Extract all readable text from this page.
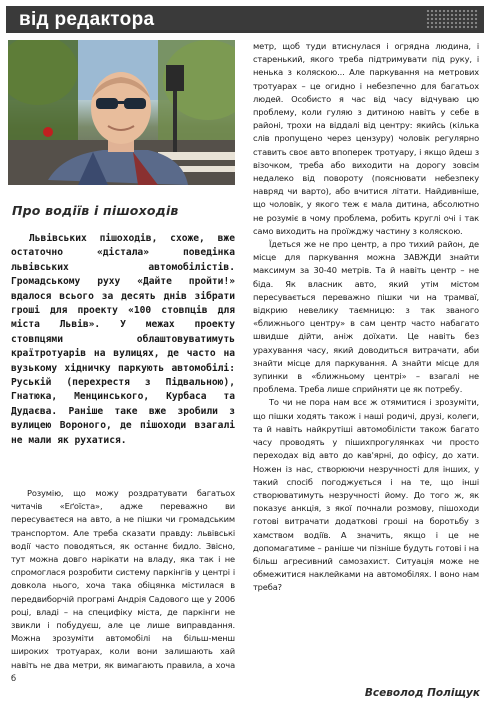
від редактора
Про водіїв і пішоходів

Львівських пішоходів, схоже, вже остаточно «дістала» поведінка львівських автомобілістів. Громадському руху «Дайте пройти!» вдалося всього за десять днів зібрати гроші для проекту «100 стовпців для міста Львів». У межах проекту стовпцями облаштовуватимуть країтротуарів на вулицях, де часто на вузькому хідничку паркують автомобілі: Руській (перехрестя з Підвальною), Гнатюка, Менцинського, Курбаса та Дудаєва. Раніше таке вже зробили з вулицею Вороного, де пішоходи взагалі не мали як рухатися.

Розумію, що можу роздратувати багатьох читачів «Еґоїста», адже переважно ви пересуваєтеся на авто, а не пішки чи громадським транспортом. Але треба сказати правду: львівські водії часто поводяться, як останнє бидло. Звісно, тут можна довго нарікати на владу, яка так і не спромоглася розробити систему паркінгів у центрі і довкола нього, хоча така обіцянка містилася в передвиборчій програмі Андрія Садового ще у 2006 році, владі – на специфіку міста, де паркінги не звикли і побудуєш, але це лише виправдання. Можна зрозуміти автомобілі на більш-менш широких тротуарах, коли вони залишають хай навіть не два метри, як вимагають правила, а хоча б

метр, щоб туди втиснулася і огрядна людина, і старенький, якого треба підтримувати під руку, і ненька з коляскою... Але паркування на метрових тротуарах – це огидно і небезпечно для багатьох людей. Особисто я час від часу відчуваю цю проблему, коли гуляю з дитиною навіть у себе в районі, трохи на віддалі від центру: якийсь (кілька слів пропущено через цензуру) чоловік регулярно ставить своє авто впоперек тротуару, і якщо йдеш з візочком, треба або виходити на дорогу зовсім недалеко від повороту (пояснювати небезпеку навряд чи варто), або вчитися літати. Найдивніше, що чоловік, у якого теж є мала дитина, абсолютно не розуміє в чому проблема, робить круглі очі і так само виходить на проїжджу частину з коляскою.

Їдеться же не про центр, а про тихий район, де місце для паркування можна ЗАВЖДИ знайти максимум за 30-40 метрів. Та й навіть центр – не біда. Як власник авто, який утім містом пересувається переважно пішки чи на трамваї, відкрию невелику таємницю: з так званого «ближнього центру» в сам центр часто набагато швидше дійти, аніж доїхати. Це навіть без урахування часу, який доводиться витрачати, аби знайти місце для паркування. А знайти місце для зупинки в «ближньому центрі» – взагалі не проблема. Треба лише сприйняти це як потребу.

То чи не пора нам всє ж отямитися і зрозуміти, що пішки ходять також і наші родичі, друзі, колеги, та й навіть найкрутіші автомобілісти також багато часу проводять у пішихпрогулянках чи просто переходах від авто до кав'ярні, до офісу, до хати. Ножен із нас, створюючи незручності для інших, у такий спосіб погоджується і на те, що інші створюватимуть незручності йому. До того ж, як показує анкція, з якої почнали розмову, пішоходи готові витрачати додаткові гроші на боротьбу з хамством водіїв. А значить, якщо і це не допомагатиме – раніше чи пізніше будуть готові і на більш агресивний самозахист. Ситуація може не обмежитися наклейками на автомобілях. І воно нам треба?

Всеволод Поліщук
